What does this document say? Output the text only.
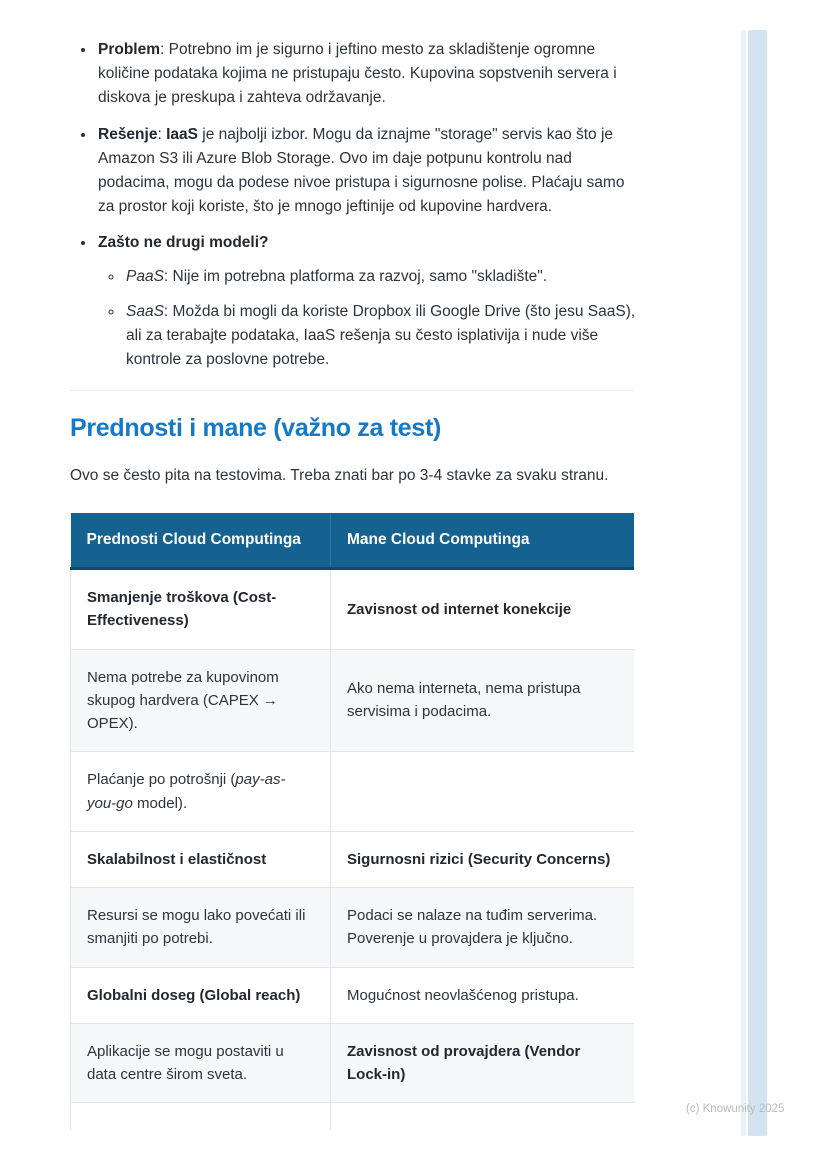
• Problem: Potrebno im je sigurno i jeftino mesto za skladištenje ogromne količine podataka kojima ne pristupaju često. Kupovina sopstvenih servera i diskova je preskupa i zahteva održavanje.
• Rešenje: IaaS je najbolji izbor. Mogu da iznajme "storage" servis kao što je Amazon S3 ili Azure Blob Storage. Ovo im daje potpunu kontrolu nad podacima, mogu da podese nivoe pristupa i sigurnosne polise. Plaćaju samo za prostor koji koriste, što je mnogo jeftinije od kupovine hardvera.
• Zašto ne drugi modeli?
◦ PaaS: Nije im potrebna platforma za razvoj, samo "skladište".
◦ SaaS: Možda bi mogli da koriste Dropbox ili Google Drive (što jesu SaaS), ali za terabajte podataka, IaaS rešenja su često isplativija i nude više kontrole za poslovne potrebe.
Prednosti i mane (važno za test)

Ovo se često pita na testovima. Treba znati bar po 3-4 stavke za svaku stranu.

Prednosti Cloud Computinga	Mane Cloud Computinga
Smanjenje troškova (Cost-Effectiveness)	Zavisnost od internet konekcije
Nema potrebe za kupovinom skupog hardvera (CAPEX → OPEX).	Ako nema interneta, nema pristupa servisima i podacima.
Plaćanje po potrošnji (pay-as-you-go model).	
Skalabilnost i elastičnost	Sigurnosni rizici (Security Concerns)
Resursi se mogu lako povećati ili smanjiti po potrebi.	Podaci se nalaze na tuđim serverima. Poverenje u provajdera je ključno.
Globalni doseg (Global reach)	Mogućnost neovlašćenog pristupa.
Aplikacije se mogu postaviti u data centre širom sveta.	Zavisnost od provajdera (Vendor Lock-in)

(c) Knowunity 2025
